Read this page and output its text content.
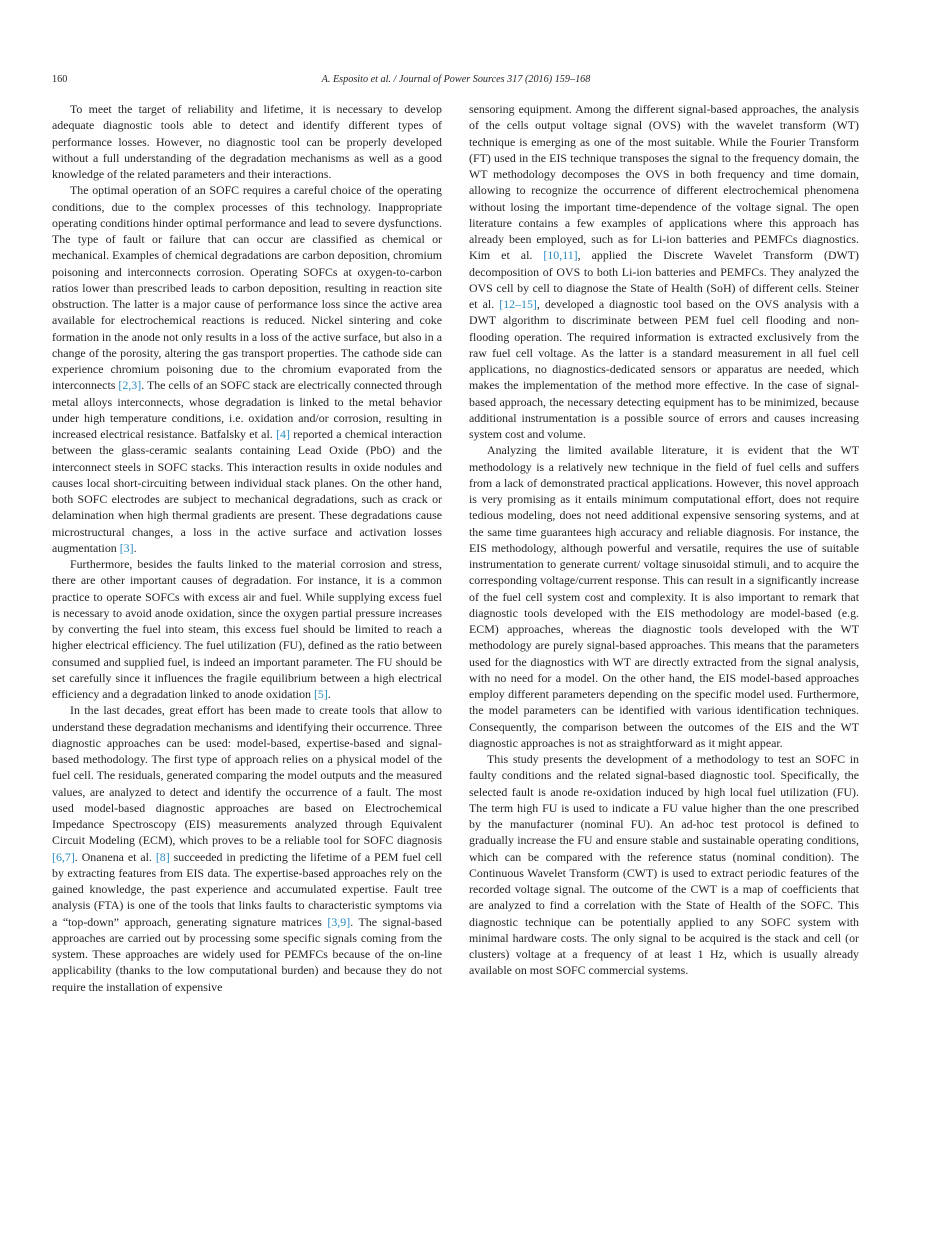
160	A. Esposito et al. / Journal of Power Sources 317 (2016) 159–168

To meet the target of reliability and lifetime, it is necessary to develop adequate diagnostic tools able to detect and identify different types of performance losses. However, no diagnostic tool can be properly developed without a full understanding of the degradation mechanisms as well as a good knowledge of the related parameters and their interactions.

The optimal operation of an SOFC requires a careful choice of the operating conditions, due to the complex processes of this technology. Inappropriate operating conditions hinder optimal performance and lead to severe dysfunctions. The type of fault or failure that can occur are classified as chemical or mechanical. Examples of chemical degradations are carbon deposition, chromium poisoning and interconnects corrosion. Operating SOFCs at oxygen-to-carbon ratios lower than prescribed leads to carbon deposition, resulting in reaction site obstruction. The latter is a major cause of performance loss since the active area available for electrochemical reactions is reduced. Nickel sintering and coke formation in the anode not only results in a loss of the active surface, but also in a change of the porosity, altering the gas transport properties. The cathode side can experience chromium poisoning due to the chromium evaporated from the interconnects [2,3]. The cells of an SOFC stack are electrically connected through metal alloys interconnects, whose degradation is linked to the metal behavior under high temperature conditions, i.e. oxidation and/or corrosion, resulting in increased electrical resistance. Batfalsky et al. [4] reported a chemical interaction between the glass-ceramic sealants containing Lead Oxide (PbO) and the interconnect steels in SOFC stacks. This interaction results in oxide nodules and causes local short-circuiting between individual stack planes. On the other hand, both SOFC electrodes are subject to mechanical degradations, such as crack or delamination when high thermal gradients are present. These degradations cause microstructural changes, a loss in the active surface and activation losses augmentation [3].

Furthermore, besides the faults linked to the material corrosion and stress, there are other important causes of degradation. For instance, it is a common practice to operate SOFCs with excess air and fuel. While supplying excess fuel is necessary to avoid anode oxidation, since the oxygen partial pressure increases by converting the fuel into steam, this excess fuel should be limited to reach a higher electrical efficiency. The fuel utilization (FU), defined as the ratio between consumed and supplied fuel, is indeed an important parameter. The FU should be set carefully since it influences the fragile equilibrium between a high electrical efficiency and a degradation linked to anode oxidation [5].

In the last decades, great effort has been made to create tools that allow to understand these degradation mechanisms and identifying their occurrence. Three diagnostic approaches can be used: model-based, expertise-based and signal-based methodology. The first type of approach relies on a physical model of the fuel cell. The residuals, generated comparing the model outputs and the measured values, are analyzed to detect and identify the occurrence of a fault. The most used model-based diagnostic approaches are based on Electrochemical Impedance Spectroscopy (EIS) measurements analyzed through Equivalent Circuit Modeling (ECM), which proves to be a reliable tool for SOFC diagnosis [6,7]. Onanena et al. [8] succeeded in predicting the lifetime of a PEM fuel cell by extracting features from EIS data. The expertise-based approaches rely on the gained knowledge, the past experience and accumulated expertise. Fault tree analysis (FTA) is one of the tools that links faults to characteristic symptoms via a “top-down” approach, generating signature matrices [3,9]. The signal-based approaches are carried out by processing some specific signals coming from the system. These approaches are widely used for PEMFCs because of the on-line applicability (thanks to the low computational burden) and because they do not require the installation of expensive

sensoring equipment. Among the different signal-based approaches, the analysis of the cells output voltage signal (OVS) with the wavelet transform (WT) technique is emerging as one of the most suitable. While the Fourier Transform (FT) used in the EIS technique transposes the signal to the frequency domain, the WT methodology decomposes the OVS in both frequency and time domain, allowing to recognize the occurrence of different electrochemical phenomena without losing the important time-dependence of the voltage signal. The open literature contains a few examples of applications where this approach has already been employed, such as for Li-ion batteries and PEMFCs diagnostics. Kim et al. [10,11], applied the Discrete Wavelet Transform (DWT) decomposition of OVS to both Li-ion batteries and PEMFCs. They analyzed the OVS cell by cell to diagnose the State of Health (SoH) of different cells. Steiner et al. [12–15], developed a diagnostic tool based on the OVS analysis with a DWT algorithm to discriminate between PEM fuel cell flooding and non-flooding operation. The required information is extracted exclusively from the raw fuel cell voltage. As the latter is a standard measurement in all fuel cell applications, no diagnostics-dedicated sensors or apparatus are needed, which makes the implementation of the method more effective. In the case of signal-based approach, the necessary detecting equipment has to be minimized, because additional instrumentation is a possible source of errors and causes increasing system cost and volume.

Analyzing the limited available literature, it is evident that the WT methodology is a relatively new technique in the field of fuel cells and suffers from a lack of demonstrated practical applications. However, this novel approach is very promising as it entails minimum computational effort, does not require tedious modeling, does not need additional expensive sensoring systems, and at the same time guarantees high accuracy and reliable diagnosis. For instance, the EIS methodology, although powerful and versatile, requires the use of suitable instrumentation to generate current/ voltage sinusoidal stimuli, and to acquire the corresponding voltage/current response. This can result in a significantly increase of the fuel cell system cost and complexity. It is also important to remark that diagnostic tools developed with the EIS methodology are model-based (e.g. ECM) approaches, whereas the diagnostic tools developed with the WT methodology are purely signal-based approaches. This means that the parameters used for the diagnostics with WT are directly extracted from the signal analysis, with no need for a model. On the other hand, the EIS model-based approaches employ different parameters depending on the specific model used. Furthermore, the model parameters can be identified with various identification techniques. Consequently, the comparison between the outcomes of the EIS and the WT diagnostic approaches is not as straightforward as it might appear.

This study presents the development of a methodology to test an SOFC in faulty conditions and the related signal-based diagnostic tool. Specifically, the selected fault is anode re-oxidation induced by high local fuel utilization (FU). The term high FU is used to indicate a FU value higher than the one prescribed by the manufacturer (nominal FU). An ad-hoc test protocol is defined to gradually increase the FU and ensure stable and sustainable operating conditions, which can be compared with the reference status (nominal condition). The Continuous Wavelet Transform (CWT) is used to extract periodic features of the recorded voltage signal. The outcome of the CWT is a map of coefficients that are analyzed to find a correlation with the State of Health of the SOFC. This diagnostic technique can be potentially applied to any SOFC system with minimal hardware costs. The only signal to be acquired is the stack and cell (or clusters) voltage at a frequency of at least 1 Hz, which is usually already available on most SOFC commercial systems.
